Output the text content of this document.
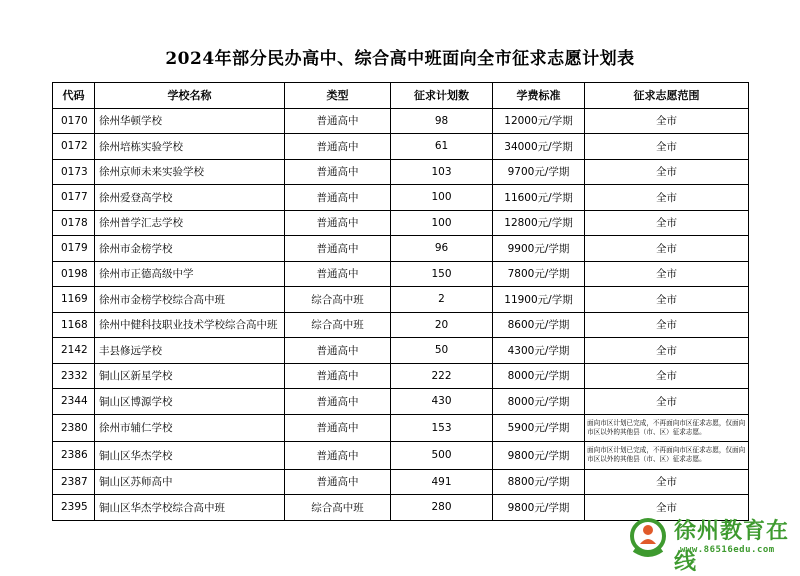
2024年部分民办高中、综合高中班面向全市征求志愿计划表
代码	学校名称	类型	征求计划数	学费标准	征求志愿范围
0170	徐州华顿学校	普通高中	98	12000元/学期	全市
0172	徐州培栋实验学校	普通高中	61	34000元/学期	全市
0173	徐州京师未来实验学校	普通高中	103	9700元/学期	全市
0177	徐州爱登高学校	普通高中	100	11600元/学期	全市
0178	徐州普学汇志学校	普通高中	100	12800元/学期	全市
0179	徐州市金榜学校	普通高中	96	9900元/学期	全市
0198	徐州市正德高级中学	普通高中	150	7800元/学期	全市
1169	徐州市金榜学校综合高中班	综合高中班	2	11900元/学期	全市
1168	徐州中健科技职业技术学校综合高中班	综合高中班	20	8600元/学期	全市
2142	丰县修远学校	普通高中	50	4300元/学期	全市
2332	铜山区新星学校	普通高中	222	8000元/学期	全市
2344	铜山区博源学校	普通高中	430	8000元/学期	全市
2380	徐州市辅仁学校	普通高中	153	5900元/学期	面向市区计划已完成，不再面向市区征求志愿，仅面向市区以外的其他县（市、区）征求志愿。
2386	铜山区华杰学校	普通高中	500	9800元/学期	面向市区计划已完成，不再面向市区征求志愿，仅面向市区以外的其他县（市、区）征求志愿。
2387	铜山区苏师高中	普通高中	491	8800元/学期	全市
2395	铜山区华杰学校综合高中班	综合高中班	280	9800元/学期	全市
徐州教育在线
www.86516edu.com
